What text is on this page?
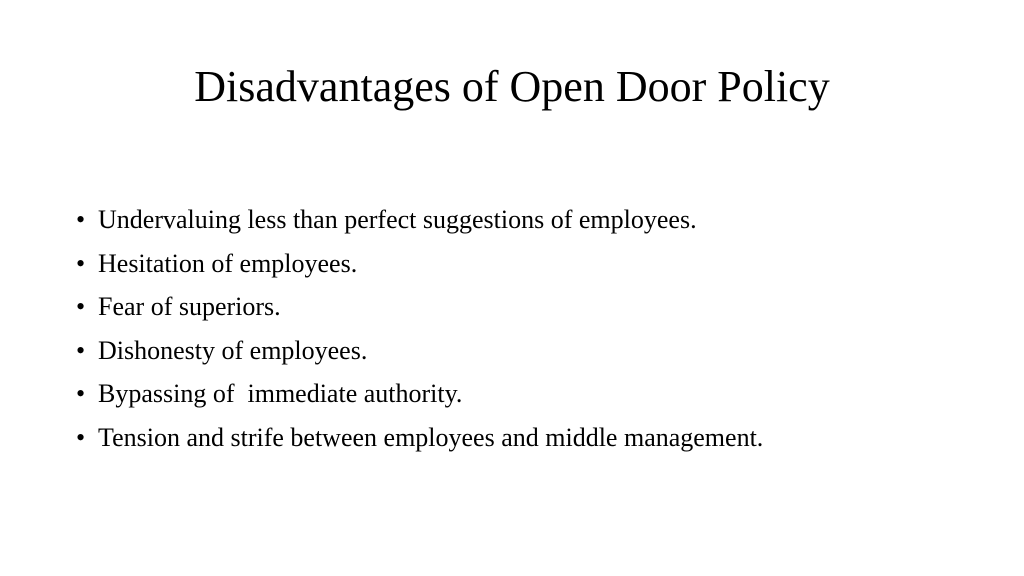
Disadvantages of Open Door Policy
• Undervaluing less than perfect suggestions of employees.
• Hesitation of employees.
• Fear of superiors.
• Dishonesty of employees.
• Bypassing of  immediate authority.
• Tension and strife between employees and middle management.
